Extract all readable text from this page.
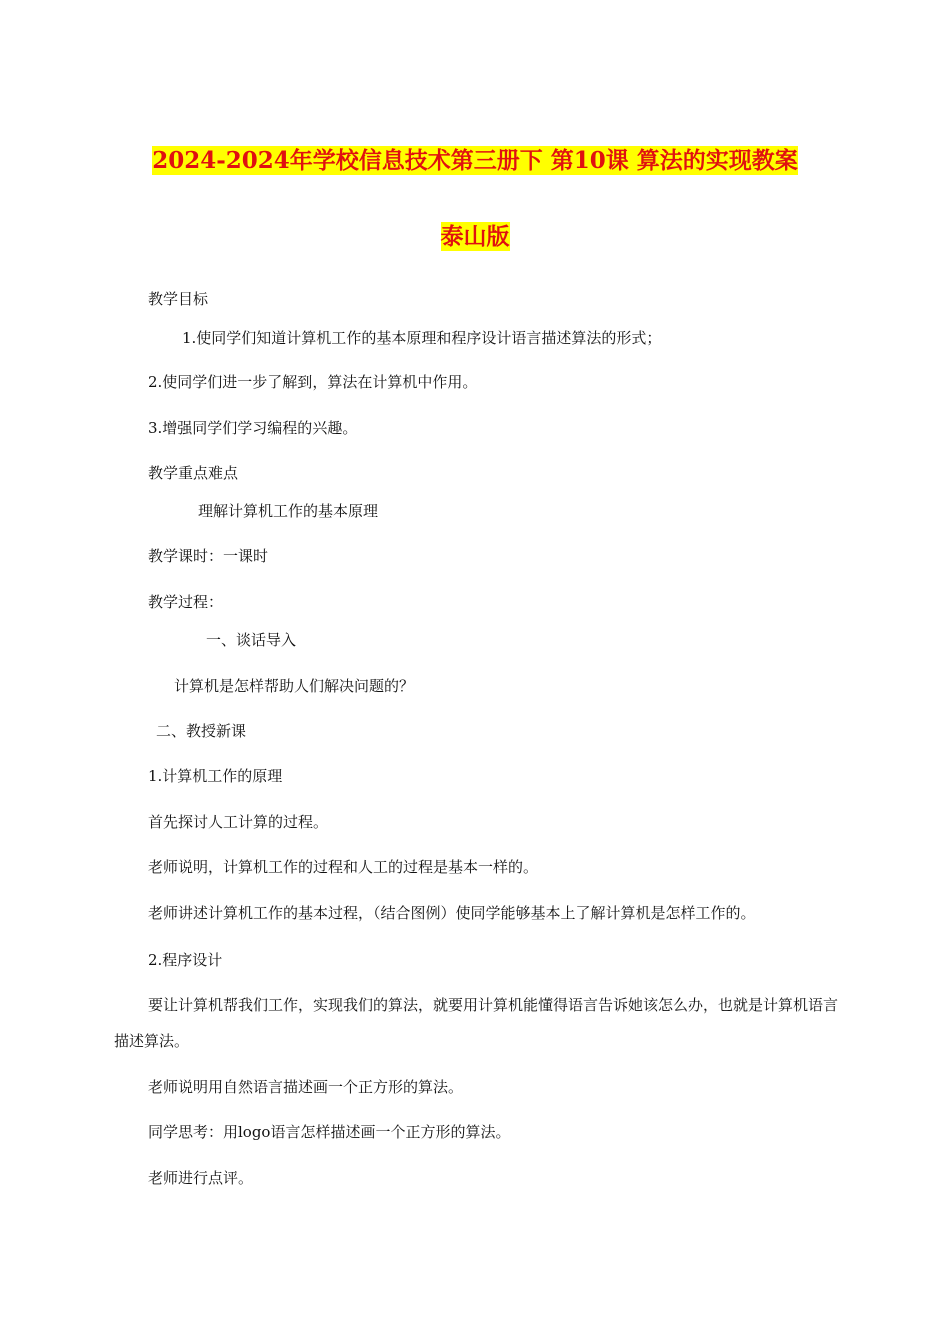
2024-2024年学校信息技术第三册下 第10课 算法的实现教案
泰山版
教学目标
1.使同学们知道计算机工作的基本原理和程序设计语言描述算法的形式；
2.使同学们进一步了解到，算法在计算机中作用。
3.增强同学们学习编程的兴趣。
教学重点难点
理解计算机工作的基本原理
教学课时：一课时
教学过程：
一、谈话导入
计算机是怎样帮助人们解决问题的？
二、教授新课
1.计算机工作的原理
首先探讨人工计算的过程。
老师说明，计算机工作的过程和人工的过程是基本一样的。
老师讲述计算机工作的基本过程，（结合图例）使同学能够基本上了解计算机是怎样工作的。
2.程序设计
要让计算机帮我们工作，实现我们的算法，就要用计算机能懂得语言告诉她该怎么办，也就是计算机语言描述算法。
老师说明用自然语言描述画一个正方形的算法。
同学思考：用logo语言怎样描述画一个正方形的算法。
老师进行点评。
